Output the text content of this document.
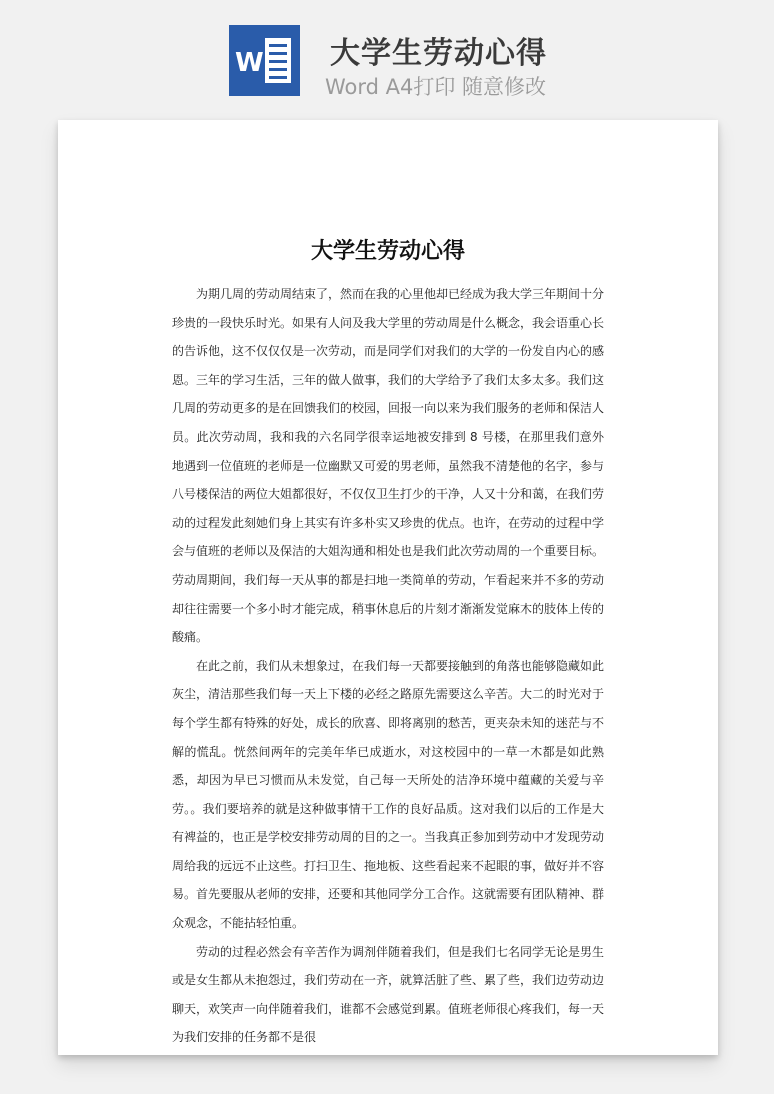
W 大学生劳动心得
Word A4打印 随意修改

大学生劳动心得

为期几周的劳动周结束了，然而在我的心里他却已经成为我大学三年期间十分珍贵的一段快乐时光。如果有人问及我大学里的劳动周是什么概念，我会语重心长的告诉他，这不仅仅仅是一次劳动，而是同学们对我们的大学的一份发自内心的感恩。三年的学习生活，三年的做人做事，我们的大学给予了我们太多太多。我们这几周的劳动更多的是在回馈我们的校园，回报一向以来为我们服务的老师和保洁人员。此次劳动周，我和我的六名同学很幸运地被安排到 8 号楼，在那里我们意外地遇到一位值班的老师是一位幽默又可爱的男老师，虽然我不清楚他的名字，参与八号楼保洁的两位大姐都很好，不仅仅卫生打少的干净，人又十分和蔼，在我们劳动的过程发此刻她们身上其实有许多朴实又珍贵的优点。也许，在劳动的过程中学会与值班的老师以及保洁的大姐沟通和相处也是我们此次劳动周的一个重要目标。劳动周期间，我们每一天从事的都是扫地一类简单的劳动，乍看起来并不多的劳动却往往需要一个多小时才能完成，稍事休息后的片刻才渐渐发觉麻木的肢体上传的酸痛。

在此之前，我们从未想象过，在我们每一天都要接触到的角落也能够隐藏如此灰尘，清洁那些我们每一天上下楼的必经之路原先需要这么辛苦。大二的时光对于每个学生都有特殊的好处，成长的欣喜、即将离别的愁苦，更夹杂未知的迷茫与不解的慌乱。恍然间两年的完美年华已成逝水，对这校园中的一草一木都是如此熟悉，却因为早已习惯而从未发觉，自己每一天所处的洁净环境中蕴藏的关爱与辛劳。。我们要培养的就是这种做事情干工作的良好品质。这对我们以后的工作是大有裨益的，也正是学校安排劳动周的目的之一。当我真正参加到劳动中才发现劳动周给我的远远不止这些。打扫卫生、拖地板、这些看起来不起眼的事，做好并不容易。首先要服从老师的安排，还要和其他同学分工合作。这就需要有团队精神、群众观念，不能拈轻怕重。

劳动的过程必然会有辛苦作为调剂伴随着我们，但是我们七名同学无论是男生或是女生都从未抱怨过，我们劳动在一齐，就算活脏了些、累了些，我们边劳动边聊天，欢笑声一向伴随着我们，谁都不会感觉到累。值班老师很心疼我们，每一天为我们安排的任务都不是很
